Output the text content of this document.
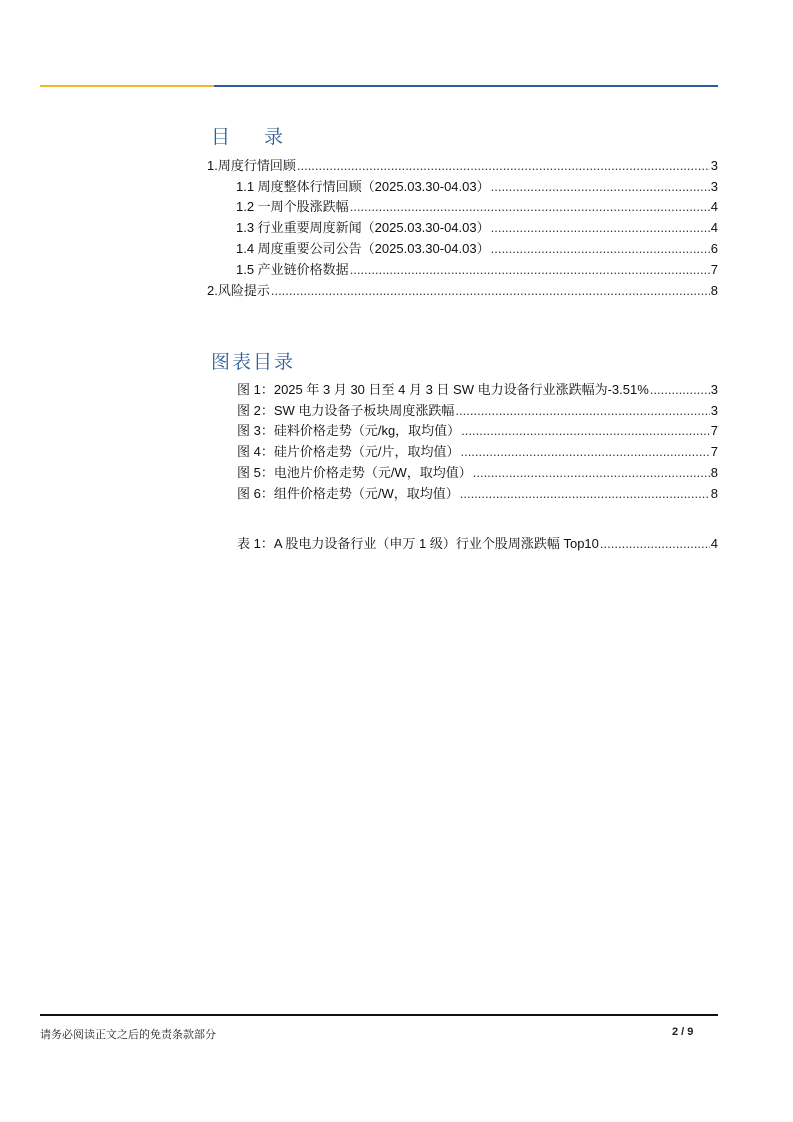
目 录
1.周度行情回顾 .....	3
1.1 周度整体行情回顾（2025.03.30-04.03） .....	3
1.2 一周个股涨跌幅 .....	4
1.3 行业重要周度新闻（2025.03.30-04.03） .....	4
1.4 周度重要公司公告（2025.03.30-04.03） .....	6
1.5 产业链价格数据 .....	7
2.风险提示 .....	8
图表目录
图 1：2025 年 3 月 30 日至 4 月 3 日 SW 电力设备行业涨跌幅为-3.51% .....	3
图 2：SW 电力设备子板块周度涨跌幅 .....	3
图 3：硅料价格走势（元/kg，取均值） .....	7
图 4：硅片价格走势（元/片，取均值） .....	7
图 5：电池片价格走势（元/W，取均值） .....	8
图 6：组件价格走势（元/W，取均值） .....	8
表 1：A 股电力设备行业（申万 1 级）行业个股周涨跌幅 Top10 .....	4
请务必阅读正文之后的免责条款部分	2 / 9
